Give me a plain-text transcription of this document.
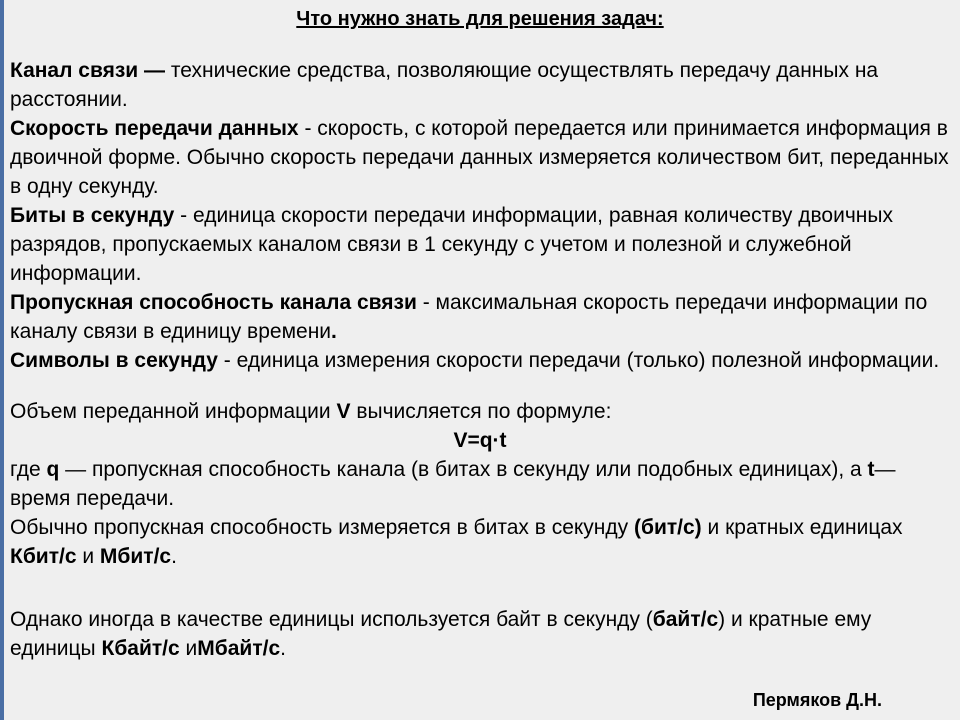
Что нужно знать для решения задач:

Канал связи — технические средства, позволяющие осуществлять передачу данных на расстоянии.

Скорость передачи данных - скорость, с которой передается или принимается информация в двоичной форме. Обычно скорость передачи данных измеряется количеством бит, переданных в одну секунду.

Биты в секунду - единица скорости передачи информации, равная количеству двоичных разрядов, пропускаемых каналом связи в 1 секунду с учетом и полезной и служебной информации.

Пропускная способность канала связи - максимальная скорость передачи информации по каналу связи в единицу времени.

Символы в секунду - единица измерения скорости передачи (только) полезной информации.

Объем переданной информации V вычисляется по формуле:

V=q·t

где q — пропускная способность канала (в битах в секунду или подобных единицах), а t— время передачи.

Обычно пропускная способность измеряется в битах в секунду (бит/с) и кратных единицах Кбит/с и Мбит/с.

Однако иногда в качестве единицы используется байт в секунду (байт/с) и кратные ему единицы Кбайт/с иМбайт/с.

Пермяков Д.Н.
